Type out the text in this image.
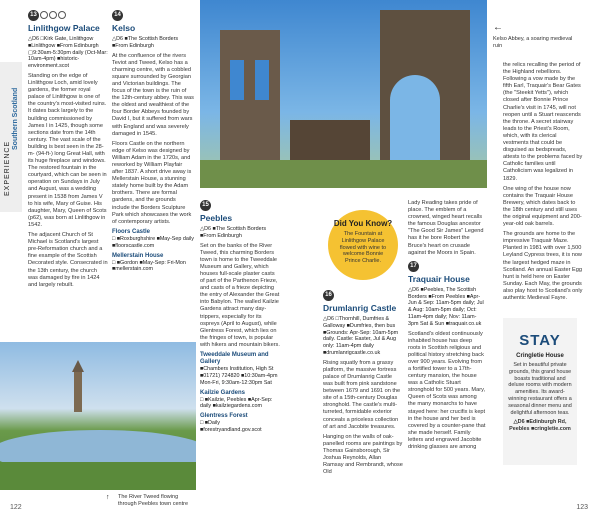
EXPERIENCE
Southern Scotland
13
Linlithgow Palace
△D6 □Kirk Gate, Linlithgow ■Linlithgow ■From Edinburgh ▢9:30am-5:30pm daily (Oct-Mar: 10am-4pm) ■historic-environment.scot

Standing on the edge of Linlithgow Loch, amid lovely gardens, the former royal palace of Linlithgow is one of the country's most-visited ruins. It dates back largely to the building commissioned by James I in 1425, though some sections date from the 14th century. The vast scale of the building is best seen in the 28-m- (94-ft-) long Great Hall, with its huge fireplace and windows. The restored fountain in the courtyard, which can be seen in operation on Sundays in July and August, was a wedding present in 1538 from James V to his wife, Mary of Guise. His daughter, Mary, Queen of Scots (p62), was born at Linlithgow in 1542.

The adjacent Church of St Michael is Scotland's largest pre-Reformation church and a fine example of the Scottish Decorated style. Consecrated in the 13th century, the church was damaged by fire in 1424 and largely rebuilt.

14
Kelso
△D6 ■The Scottish Borders ■From Edinburgh

At the confluence of the rivers Teviot and Tweed, Kelso has a charming centre, with a cobbled square surrounded by Georgian and Victorian buildings. The focus of the town is the ruin of the 12th-century abbey. This was the oldest and wealthiest of the four Border Abbeys founded by David I, but it suffered from wars with England and was severely damaged in 1545.

Floors Castle on the northern edge of Kelso was designed by William Adam in the 1720s, and reworked by William Playfair after 1837. A short drive away is Mellerstain House, a stunning stately home built by the Adam brothers. There are formal gardens, and the grounds include the Borders Sculpture Park which showcases the work of contemporary artists.

Floors Castle
□ ■Roxburghshire ■May-Sep daily ■floorscastle.com
Mellerstain House
□ ■Gordon ■May-Sep: Fri-Mon ■mellerstain.com
15
Peebles
△D6 ■The Scottish Borders ■From Edinburgh

Set on the banks of the River Tweed, this charming Borders town is home to the Tweeddale Museum and Gallery, which houses full-scale plaster casts of part of the Parthenon Frieze, and casts of a frieze depicting the entry of Alexander the Great into Babylon. The walled Kailzie Gardens attract many day-trippers, especially for its ospreys (April to August), while Glentress Forest, which lies on the fringes of town, is popular with hikers and mountain bikers.

Tweeddale Museum and Gallery
■Chambers Institution, High St ■01721) 724820 ■10:30am-4pm Mon-Fri, 9:30am-12:30pm Sat
Kailzie Gardens
□ ■Kailzie, Peebles ■Apr-Sep: daily ■kailziegardens.com
Glentress Forest
□ ■Daily ■forestryandland.gov.scot
Did You Know?
The Fountain at Linlithgow Palace flowed with wine to welcome Bonnie Prince Charlie.
16
Drumlanrig Castle
△D6 □Thornhill, Dumfries & Galloway ■Dumfries, then bus ■Grounds: Apr-Sep: 10am-5pm daily. Castle: Easter, Jul & Aug only: 11am-4pm daily ■drumlanrigcastle.co.uk

Rising squatly from a grassy platform, the massive fortress palace of Drumlanrig Castle was built from pink sandstone between 1679 and 1691 on the site of a 15th-century Douglas stronghold. The castle's multi-turreted, formidable exterior conceals a priceless collection of art and Jacobite treasures.

Hanging on the walls of oak-panelled rooms are paintings by Thomas Gainsborough, Sir Joshua Reynolds, Allan Ramsay and Rembrandt, whose Old

Lady Reading takes pride of place. The emblem of a crowned, winged heart recalls the famous Douglas ancestor "The Good Sir James" Legend has it he bore Robert the Bruce's heart on crusade against the Moors in Spain.

17
Traquair House
△D6 ■Peebles, The Scottish Borders ■From Peebles ■Apr-Jun & Sep: 11am-5pm daily; Jul & Aug: 10am-5pm daily; Oct: 11am-4pm daily; Nov: 11am-3pm Sat & Sun ■traquair.co.uk

Scotland's oldest continuously inhabited house has deep roots in Scottish religious and political history stretching back over 900 years. Evolving from a fortified tower to a 17th-century mansion, the house was a Catholic Stuart stronghold for 500 years. Mary, Queen of Scots was among the many monarchs to have stayed here: her crucifix is kept in the house and her bed is covered by a counter-pane that she made herself. Family letters and engraved Jacobite drinking glasses are among

←
Kelso Abbey, a soaring medieval ruin

the relics recalling the period of the Highland rebellions. Following a vow made by the fifth Earl, Traquair's Bear Gates (the "Steekit Yetts"), which closed after Bonnie Prince Charlie's visit in 1745, will not reopen until a Stuart reascends the throne. A secret stairway leads to the Priest's Room, which, with its clerical vestments that could be disguised as bedspreads, attests to the problems faced by Catholic families until Catholicism was legalized in 1829.

One wing of the house now contains the Traquair House Brewery, which dates back to the 18th century and still uses the original equipment and 200-year-old oak barrels.

The grounds are home to the impressive Traquair Maze. Planted in 1981 with over 1,500 Leyland Cypress trees, it is now the largest hedged maze in Scotland. An annual Easter Egg hunt is held here on Easter Sunday. Each May, the grounds also play host to Scotland's only authentic Medieval Fayre.

STAY
Cringletie House
Set in beautiful private grounds, this grand house boasts traditional and deluxe rooms with modern amenities. Its award-winning restaurant offers a seasonal dinner menu and delightful afternoon teas.
△D6 ■Edinburgh Rd, Peebles ■cringletie.com
↑ The River Tweed flowing through Peebles town centre
122	123
